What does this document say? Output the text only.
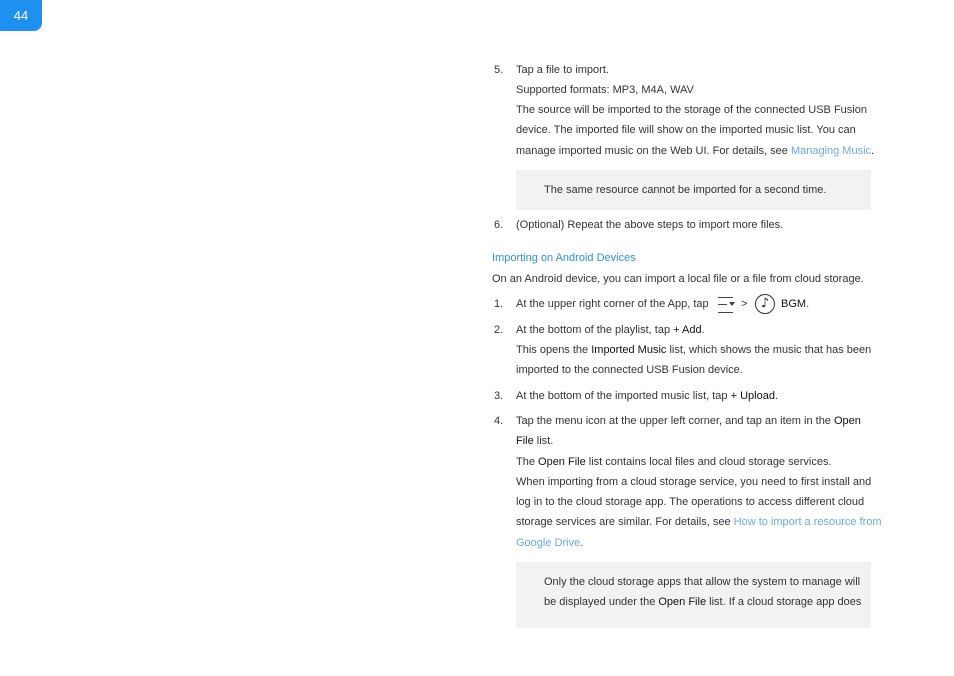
44
5. Tap a file to import.
Supported formats: MP3, M4A, WAV
The source will be imported to the storage of the connected USB Fusion
device. The imported file will show on the imported music list. You can
manage imported music on the Web UI. For details, see Managing Music.
The same resource cannot be imported for a second time.
6. (Optional) Repeat the above steps to import more files.
Importing on Android Devices
On an Android device, you can import a local file or a file from cloud storage.
1. At the upper right corner of the App, tap	>	♪	BGM.
2. At the bottom of the playlist, tap + Add.
This opens the Imported Music list, which shows the music that has been
imported to the connected USB Fusion device.
3. At the bottom of the imported music list, tap + Upload.
4. Tap the menu icon at the upper left corner, and tap an item in the Open
File list.
The Open File list contains local files and cloud storage services.
When importing from a cloud storage service, you need to first install and
log in to the cloud storage app. The operations to access different cloud
storage services are similar. For details, see How to import a resource from
Google Drive.
Only the cloud storage apps that allow the system to manage will
be displayed under the Open File list. If a cloud storage app does
